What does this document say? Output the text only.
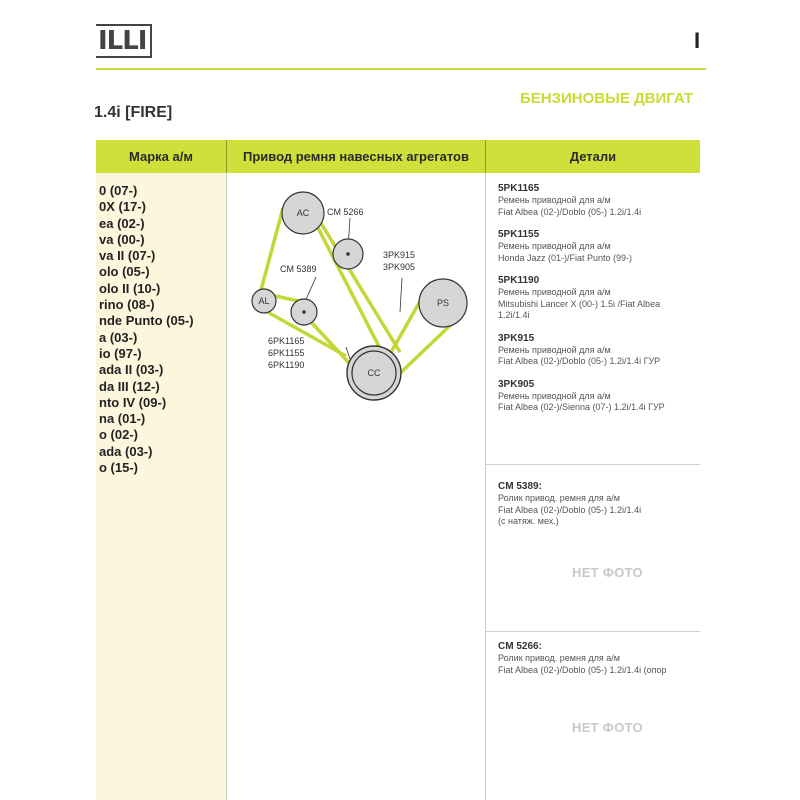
ILLI	I
1.4i [FIRE]
БЕНЗИНОВЫЕ ДВИГАТ
Марка а/м	Привод ремня навесных агрегатов	Детали
0 (07-)
0X (17-)
ea (02-)
va (00-)
va II (07-)
olo (05-)
olo II (10-)
rino (08-)
nde Punto (05-)
a (03-)
io (97-)
ada II (03-)
da III (12-)
nto IV (09-)
na (01-)
o (02-)
ada (03-)
o (15-)
AC
AL	PS
CC
CM 5266
CM 5389
3PK915
3PK905
6PK1165
6PK1155
6PK1190
5PK1165
Ремень приводной для а/м
Fiat Albea (02-)/Doblo (05-) 1.2i/1.4i
5PK1155
Ремень приводной для а/м
Honda Jazz (01-)/Fiat Punto (99-)
5PK1190
Ремень приводной для а/м
Mitsubishi Lancer X (00-) 1.5i /Fiat Albea
1.2i/1.4i
3PK915
Ремень приводной для а/м
Fiat Albea (02-)/Doblo (05-) 1.2i/1.4i ГУР
3PK905
Ремень приводной для а/м
Fiat Albea (02-)/Sienna (07-) 1.2i/1.4i ГУР
CM 5389:
Ролик привод. ремня для а/м
Fiat Albea (02-)/Doblo (05-) 1.2i/1.4i
(с натяж. мех.)
НЕТ ФОТО
CM 5266:
Ролик привод. ремня для а/м
Fiat Albea (02-)/Doblo (05-) 1.2i/1.4i (опор
НЕТ ФОТО
